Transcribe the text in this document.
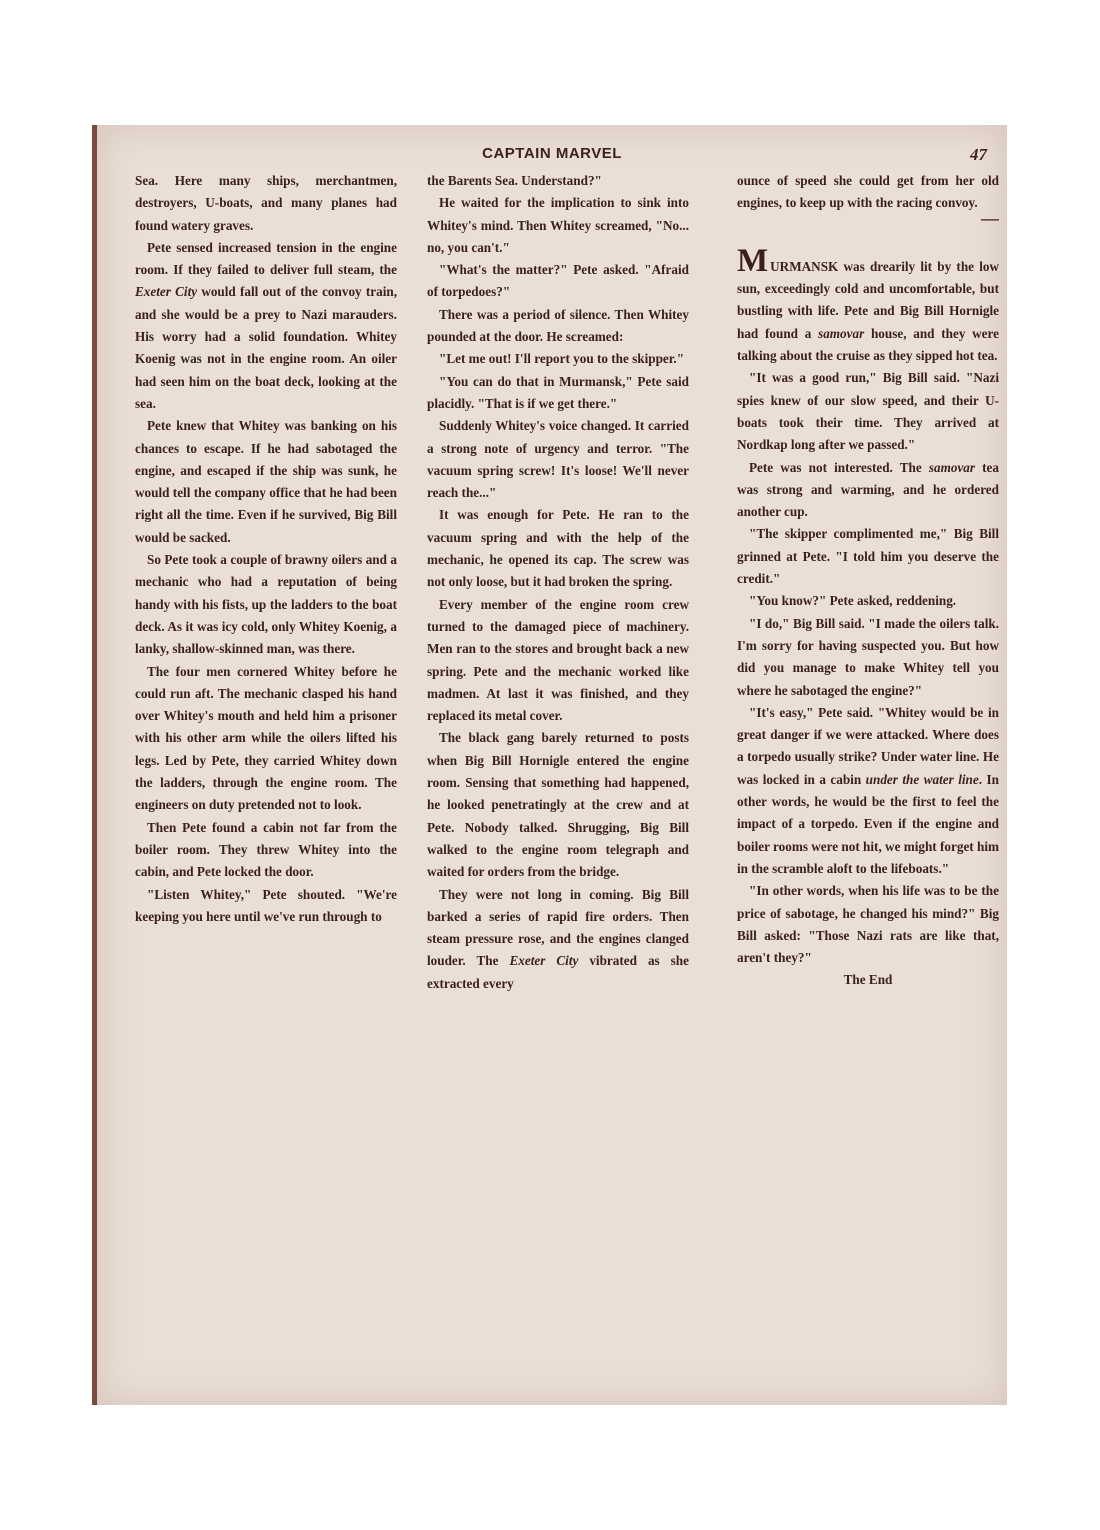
CAPTAIN MARVEL	47

Sea. Here many ships, merchantmen, destroyers, U-boats, and many planes had found watery graves.

Pete sensed increased tension in the engine room. If they failed to deliver full steam, the Exeter City would fall out of the convoy train, and she would be a prey to Nazi marauders. His worry had a solid foundation. Whitey Koenig was not in the engine room. An oiler had seen him on the boat deck, looking at the sea.

Pete knew that Whitey was banking on his chances to escape. If he had sabotaged the engine, and escaped if the ship was sunk, he would tell the company office that he had been right all the time. Even if he survived, Big Bill would be sacked.

So Pete took a couple of brawny oilers and a mechanic who had a reputation of being handy with his fists, up the ladders to the boat deck. As it was icy cold, only Whitey Koenig, a lanky, shallow-skinned man, was there.

The four men cornered Whitey before he could run aft. The mechanic clasped his hand over Whitey's mouth and held him a prisoner with his other arm while the oilers lifted his legs. Led by Pete, they carried Whitey down the ladders, through the engine room. The engineers on duty pretended not to look.

Then Pete found a cabin not far from the boiler room. They threw Whitey into the cabin, and Pete locked the door.

"Listen Whitey," Pete shouted. "We're keeping you here until we've run through to

the Barents Sea. Understand?"

He waited for the implication to sink into Whitey's mind. Then Whitey screamed, "No... no, you can't."

"What's the matter?" Pete asked. "Afraid of torpedoes?"

There was a period of silence. Then Whitey pounded at the door. He screamed:

"Let me out! I'll report you to the skipper."

"You can do that in Murmansk," Pete said placidly. "That is if we get there."

Suddenly Whitey's voice changed. It carried a strong note of urgency and terror. "The vacuum spring screw! It's loose! We'll never reach the..."

It was enough for Pete. He ran to the vacuum spring and with the help of the mechanic, he opened its cap. The screw was not only loose, but it had broken the spring.

Every member of the engine room crew turned to the damaged piece of machinery. Men ran to the stores and brought back a new spring. Pete and the mechanic worked like madmen. At last it was finished, and they replaced its metal cover.

The black gang barely returned to posts when Big Bill Hornigle entered the engine room. Sensing that something had happened, he looked penetratingly at the crew and at Pete. Nobody talked. Shrugging, Big Bill walked to the engine room telegraph and waited for orders from the bridge.

They were not long in coming. Big Bill barked a series of rapid fire orders. Then steam pressure rose, and the engines clanged louder. The Exeter City vibrated as she extracted every

ounce of speed she could get from her old engines, to keep up with the racing convoy.

—

MURMANSK was drearily lit by the low sun, exceedingly cold and uncomfortable, but bustling with life. Pete and Big Bill Hornigle had found a samovar house, and they were talking about the cruise as they sipped hot tea.

"It was a good run," Big Bill said. "Nazi spies knew of our slow speed, and their U-boats took their time. They arrived at Nordkap long after we passed."

Pete was not interested. The samovar tea was strong and warming, and he ordered another cup.

"The skipper complimented me," Big Bill grinned at Pete. "I told him you deserve the credit."

"You know?" Pete asked, reddening.

"I do," Big Bill said. "I made the oilers talk. I'm sorry for having suspected you. But how did you manage to make Whitey tell you where he sabotaged the engine?"

"It's easy," Pete said. "Whitey would be in great danger if we were attacked. Where does a torpedo usually strike? Under water line. He was locked in a cabin under the water line. In other words, he would be the first to feel the impact of a torpedo. Even if the engine and boiler rooms were not hit, we might forget him in the scramble aloft to the lifeboats."

"In other words, when his life was to be the price of sabotage, he changed his mind?" Big Bill asked: "Those Nazi rats are like that, aren't they?"

The End
